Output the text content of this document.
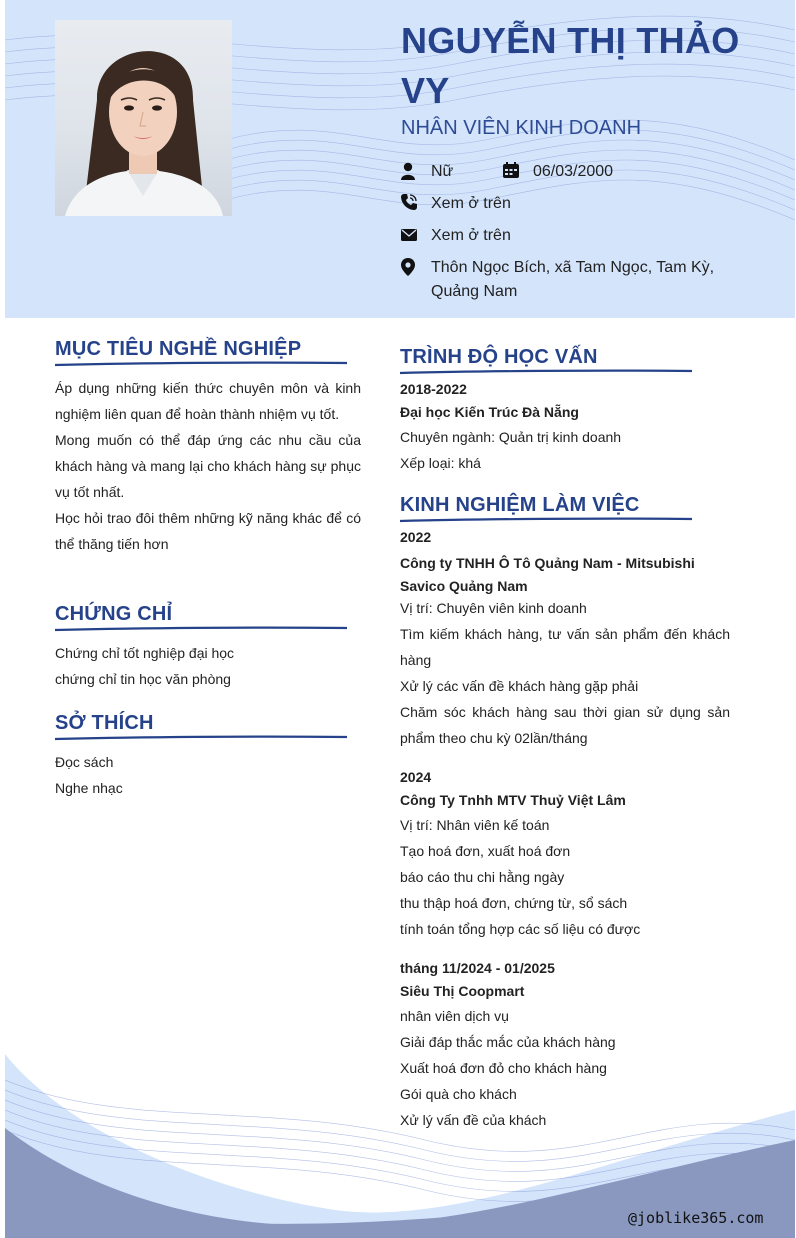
NGUYỄN THỊ THẢO VY
NHÂN VIÊN KINH DOANH
Nữ	06/03/2000
Xem ở trên
Xem ở trên
Thôn Ngọc Bích, xã Tam Ngọc, Tam Kỳ, Quảng Nam
MỤC TIÊU NGHỀ NGHIỆP
Áp dụng những kiến thức chuyên môn và kinh nghiệm liên quan để hoàn thành nhiệm vụ tốt.
Mong muốn có thể đáp ứng các nhu cầu của khách hàng và mang lại cho khách hàng sự phục vụ tốt nhất.
Học hỏi trao đôi thêm những kỹ năng khác để có thể thăng tiến hơn
CHỨNG CHỈ
Chứng chỉ tốt nghiệp đại học
chứng chỉ tin học văn phòng
SỞ THÍCH
Đọc sách
Nghe nhạc
TRÌNH ĐỘ HỌC VẤN
2018-2022
Đại học Kiến Trúc Đà Nẵng
Chuyên ngành: Quản trị kinh doanh
Xếp loại: khá
KINH NGHIỆM LÀM VIỆC
2022
Công ty TNHH Ô Tô Quảng Nam - Mitsubishi Savico Quảng Nam
Vị trí: Chuyên viên kinh doanh
Tìm kiếm khách hàng, tư vấn sản phẩm đến khách hàng
Xử lý các vấn đề khách hàng gặp phải
Chăm sóc khách hàng sau thời gian sử dụng sản phẩm theo chu kỳ 02lần/tháng
2024
Công Ty Tnhh MTV Thuỷ Việt Lâm
Vị trí: Nhân viên kế toán
Tạo hoá đơn, xuất hoá đơn
báo cáo thu chi hằng ngày
thu thập hoá đơn, chứng từ, sổ sách
tính toán tổng hợp các số liệu có được
tháng 11/2024 - 01/2025
Siêu Thị Coopmart
nhân viên dịch vụ
Giải đáp thắc mắc của khách hàng
Xuất hoá đơn đỏ cho khách hàng
Gói quà cho khách
Xử lý vấn đề của khách
@joblike365.com
